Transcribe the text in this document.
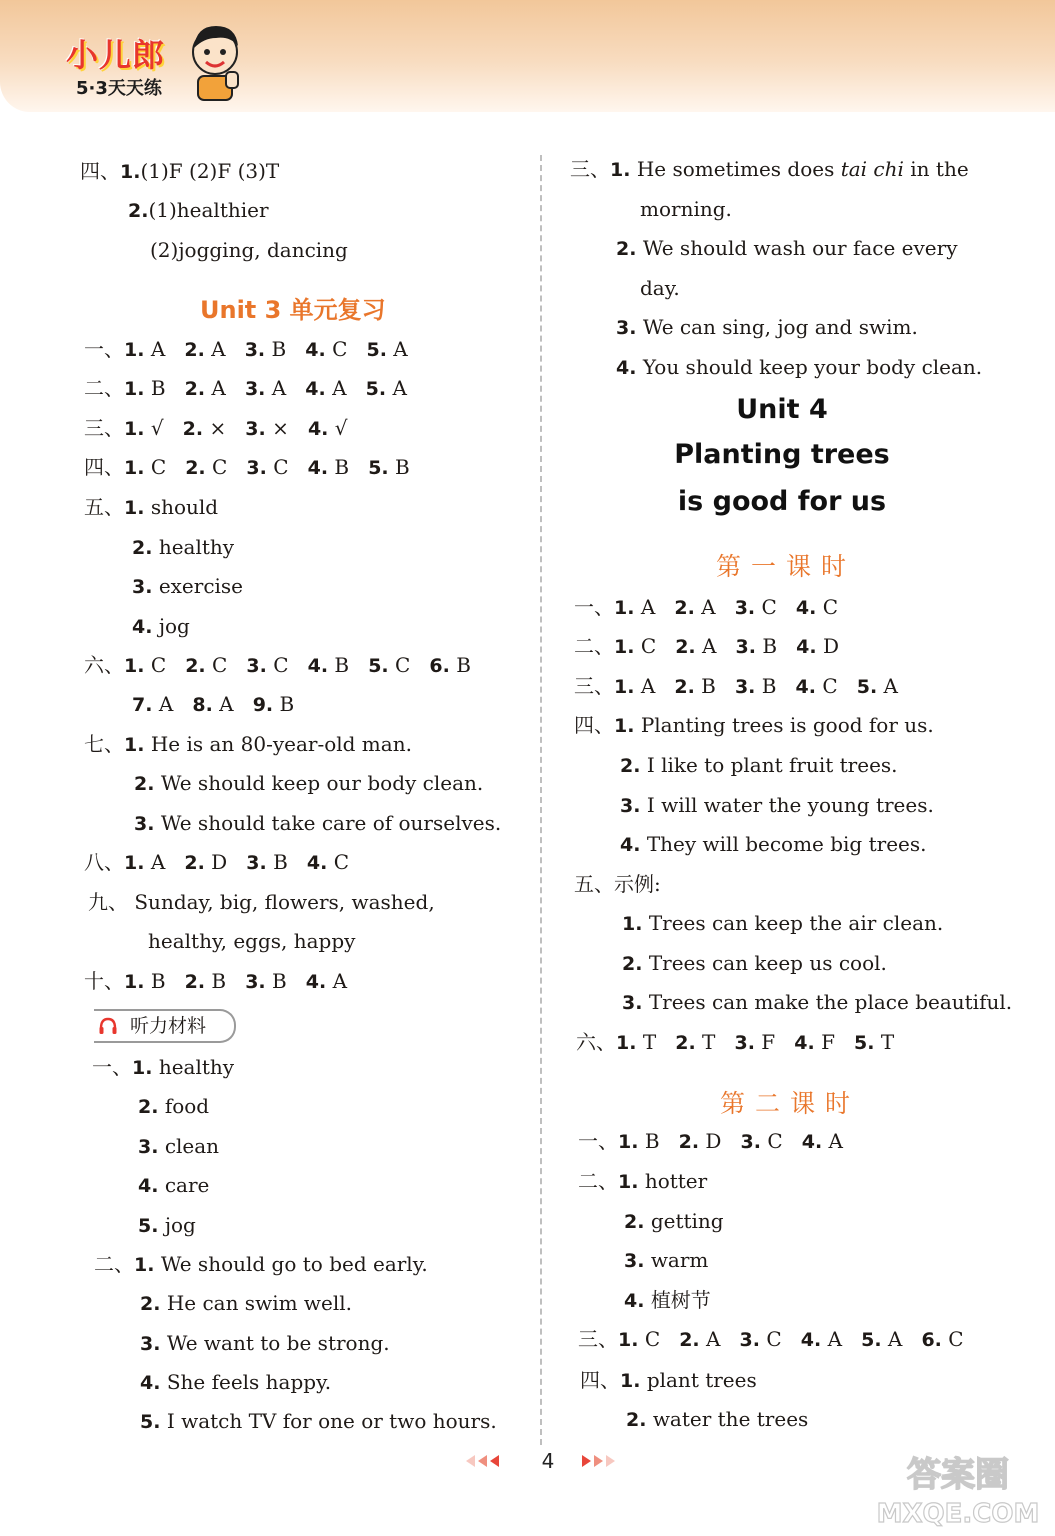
小儿郎
5·3天天练
四、1.(1)F (2)F (3)T
2.(1)healthier
(2)jogging, dancing
Unit 3 单元复习
一、1. A 2. A 3. B 4. C 5. A
二、1. B 2. A 3. A 4. A 5. A
三、1. √ 2. × 3. × 4. √
四、1. C 2. C 3. C 4. B 5. B
五、1. should
2. healthy
3. exercise
4. jog
六、1. C 2. C 3. C 4. B 5. C 6. B
7. A 8. A 9. B
七、1. He is an 80-year-old man.
2. We should keep our body clean.
3. We should take care of ourselves.
八、1. A 2. D 3. B 4. C
九、 Sunday, big, flowers, washed,
healthy, eggs, happy
十、1. B 2. B 3. B 4. A
听力材料
一、1. healthy
2. food
3. clean
4. care
5. jog
二、1. We should go to bed early.
2. He can swim well.
3. We want to be strong.
4. She feels happy.
5. I watch TV for one or two hours.
三、1. He sometimes does tai chi in the
morning.
2. We should wash our face every
day.
3. We can sing, jog and swim.
4. You should keep your body clean.
Unit 4
Planting trees
is good for us
第一课时
一、1. A 2. A 3. C 4. C
二、1. C 2. A 3. B 4. D
三、1. A 2. B 3. B 4. C 5. A
四、1. Planting trees is good for us.
2. I like to plant fruit trees.
3. I will water the young trees.
4. They will become big trees.
五、示例:
1. Trees can keep the air clean.
2. Trees can keep us cool.
3. Trees can make the place beautiful.
六、1. T 2. T 3. F 4. F 5. T
第二课时
一、1. B 2. D 3. C 4. A
二、1. hotter
2. getting
3. warm
4. 植树节
三、1. C 2. A 3. C 4. A 5. A 6. C
四、1. plant trees
2. water the trees
4	答案圈
MXQE.COM
